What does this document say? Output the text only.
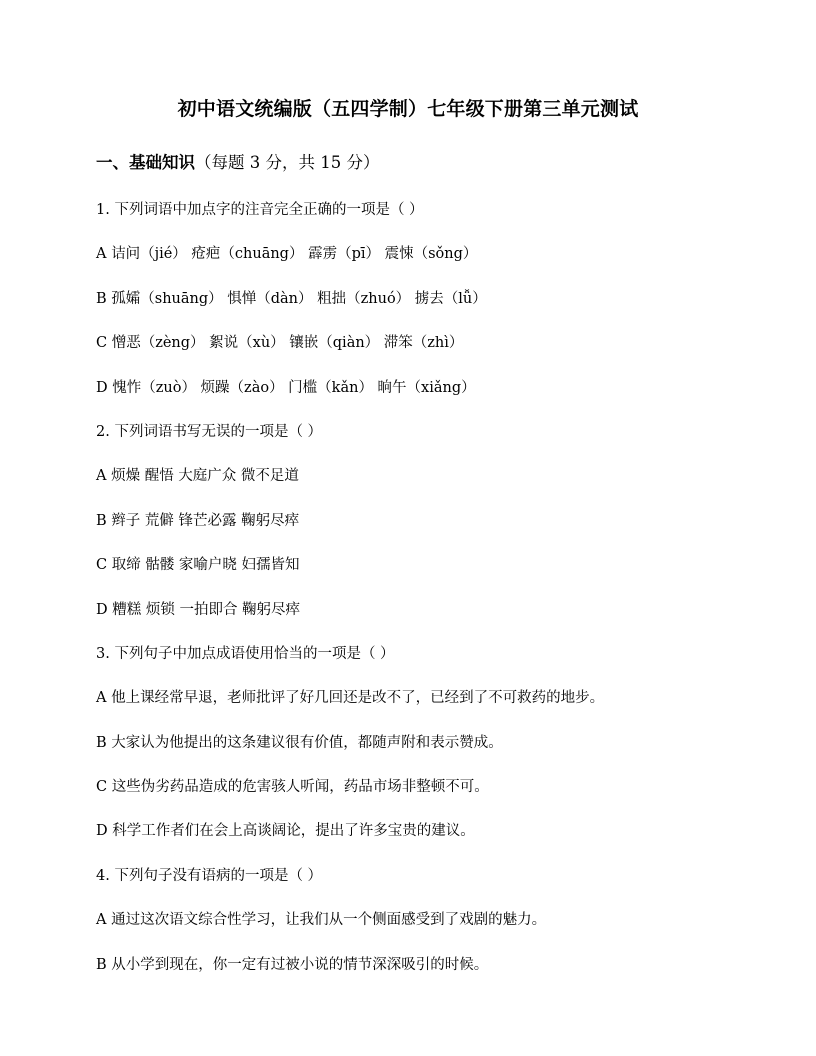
初中语文统编版（五四学制）七年级下册第三单元测试
一、基础知识（每题 3 分，共 15 分）
1. 下列词语中加点字的注音完全正确的一项是（ ）
A 诘问（jié） 疮疤（chuāng） 霹雳（pī） 震悚（sǒng）
B 孤孀（shuāng） 惧惮（dàn） 粗拙（zhuó） 掳去（lǚ）
C 憎恶（zèng） 絮说（xù） 镶嵌（qiàn） 滞笨（zhì）
D 愧怍（zuò） 烦躁（zào） 门槛（kǎn） 晌午（xiǎng）
2. 下列词语书写无误的一项是（ ）
A 烦燥 醒悟 大庭广众 微不足道
B 辫子 荒僻 锋芒必露 鞠躬尽瘁
C 取缔 骷髅 家喻户晓 妇孺皆知
D 糟糕 烦锁 一拍即合 鞠躬尽瘁
3. 下列句子中加点成语使用恰当的一项是（ ）
A 他上课经常早退，老师批评了好几回还是改不了，已经到了不可救药的地步。
B 大家认为他提出的这条建议很有价值，都随声附和表示赞成。
C 这些伪劣药品造成的危害骇人听闻，药品市场非整顿不可。
D 科学工作者们在会上高谈阔论，提出了许多宝贵的建议。
4. 下列句子没有语病的一项是（ ）
A 通过这次语文综合性学习，让我们从一个侧面感受到了戏剧的魅力。
B 从小学到现在，你一定有过被小说的情节深深吸引的时候。
